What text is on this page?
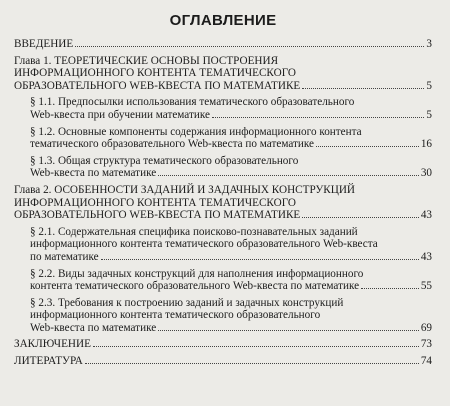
ОГЛАВЛЕНИЕ
ВВЕДЕНИЕ	3
Глава 1. ТЕОРЕТИЧЕСКИЕ ОСНОВЫ ПОСТРОЕНИЯ
ИНФОРМАЦИОННОГО КОНТЕНТА ТЕМАТИЧЕСКОГО
ОБРАЗОВАТЕЛЬНОГО WEB-КВЕСТА ПО МАТЕМАТИКЕ	5
§ 1.1. Предпосылки использования тематического образовательного
Web-квеста при обучении математике	5
§ 1.2. Основные компоненты содержания информационного контента
тематического образовательного Web-квеста по математике	16
§ 1.3. Общая структура тематического образовательного
Web-квеста по математике	30
Глава 2. ОСОБЕННОСТИ ЗАДАНИЙ И ЗАДАЧНЫХ КОНСТРУКЦИЙ
ИНФОРМАЦИОННОГО КОНТЕНТА ТЕМАТИЧЕСКОГО
ОБРАЗОВАТЕЛЬНОГО WEB-КВЕСТА ПО МАТЕМАТИКЕ	43
§ 2.1. Содержательная специфика поисково-познавательных заданий
информационного контента тематического образовательного Web-квеста
по математике	43
§ 2.2. Виды задачных конструкций для наполнения информационного
контента тематического образовательного Web-квеста по математике	55
§ 2.3. Требования к построению заданий и задачных конструкций
информационного контента тематического образовательного
Web-квеста по математике	69
ЗАКЛЮЧЕНИЕ	73
ЛИТЕРАТУРА	74
